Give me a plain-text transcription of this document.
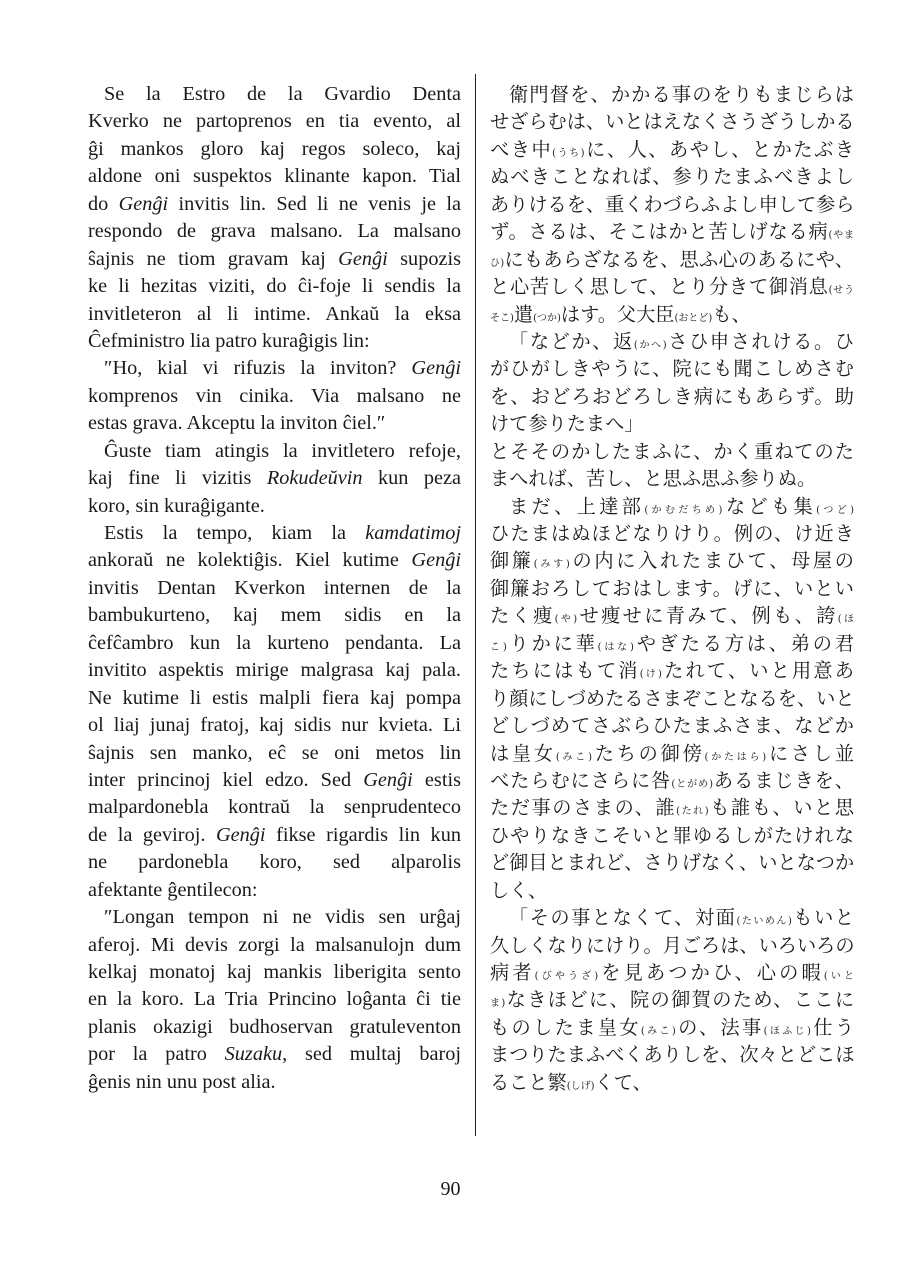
Se la Estro de la Gvardio Denta
Kverko ne partoprenos en tia evento, al
ĝi mankos gloro kaj regos soleco, kaj
aldone oni suspektos klinante kapon. Tial
do Genĝi invitis lin. Sed li ne venis je la
respondo de grava malsano. La malsano
ŝajnis ne tiom gravam kaj Genĝi supozis
ke li hezitas viziti, do ĉi-foje li sendis la
invitleteron al li intime. Ankaŭ la eksa
Ĉefministro lia patro kuraĝigis lin:
″Ho, kial vi rifuzis la inviton? Genĝi
komprenos vin cinika. Via malsano ne
estas grava. Akceptu la inviton ĉiel.″
Ĝuste tiam atingis la invitletero refoje,
kaj fine li vizitis Rokudeŭvin kun peza
koro, sin kuraĝigante.
Estis la tempo, kiam la kamdatimoj
ankoraŭ ne kolektiĝis. Kiel kutime Genĝi
invitis Dentan Kverkon internen de la
bambukurteno, kaj mem sidis en la
ĉefĉambro kun la kurteno pendanta. La
invitito aspektis mirige malgrasa kaj pala.
Ne kutime li estis malpli fiera kaj pompa
ol liaj junaj fratoj, kaj sidis nur kvieta. Li
ŝajnis sen manko, eĉ se oni metos lin
inter princinoj kiel edzo. Sed Genĝi estis
malpardonebla kontraŭ la senprudenteco
de la geviroj. Genĝi fikse rigardis lin kun
ne pardonebla koro, sed alparolis
afektante ĝentilecon:
″Longan tempon ni ne vidis sen urĝaj
aferoj. Mi devis zorgi la malsanulojn dum
kelkaj monatoj kaj mankis liberigita sento
en la koro. La Tria Princino loĝanta ĉi tie
planis okazigi budhoservan gratuleventon
por la patro Suzaku, sed multaj baroj
ĝenis nin unu post alia.
衛門督を、かかる事のをりもまじらは
せざらむは、いとはえなくさうざうしかる
べき中(うち)に、人、あやし、とかたぶき
ぬべきことなれば、参りたまふべきよし
ありけるを、重くわづらふよし申して参ら
ず。さるは、そこはかと苦しげなる病(やま
ひ)にもあらざなるを、思ふ心のあるにや、
と心苦しく思して、とり分きて御消息(せう
そこ)遣(つか)はす。父大臣(おとど)も、
「などか、返(かへ)さひ申されける。ひ
がひがしきやうに、院にも聞こしめさむ
を、おどろおどろしき病にもあらず。助
けて参りたまへ」
とそそのかしたまふに、かく重ねてのた
まへれば、苦し、と思ふ思ふ参りぬ。
まだ、上達部(かむだちめ)なども集(つど)
ひたまはぬほどなりけり。例の、け近き
御簾(みす)の内に入れたまひて、母屋の
御簾おろしておはします。げに、いとい
たく痩(や)せ痩せに青みて、例も、誇(ほ
こ)りかに華(はな)やぎたる方は、弟の君
たちにはもて消(け)たれて、いと用意あ
り顔にしづめたるさまぞことなるを、いと
どしづめてさぶらひたまふさま、などか
は皇女(みこ)たちの御傍(かたはら)にさし並
べたらむにさらに咎(とがめ)あるまじきを、
ただ事のさまの、誰(たれ)も誰も、いと思
ひやりなきこそいと罪ゆるしがたけれな
ど御目とまれど、さりげなく、いとなつか
しく、
「その事となくて、対面(たいめん)もいと
久しくなりにけり。月ごろは、いろいろの
病者(びやうざ)を見あつかひ、心の暇(いと
ま)なきほどに、院の御賀のため、ここに
ものしたま皇女(みこ)の、法事(ほふじ)仕う
まつりたまふべくありしを、次々とどこほ
ること繁(しげ)くて、
90
